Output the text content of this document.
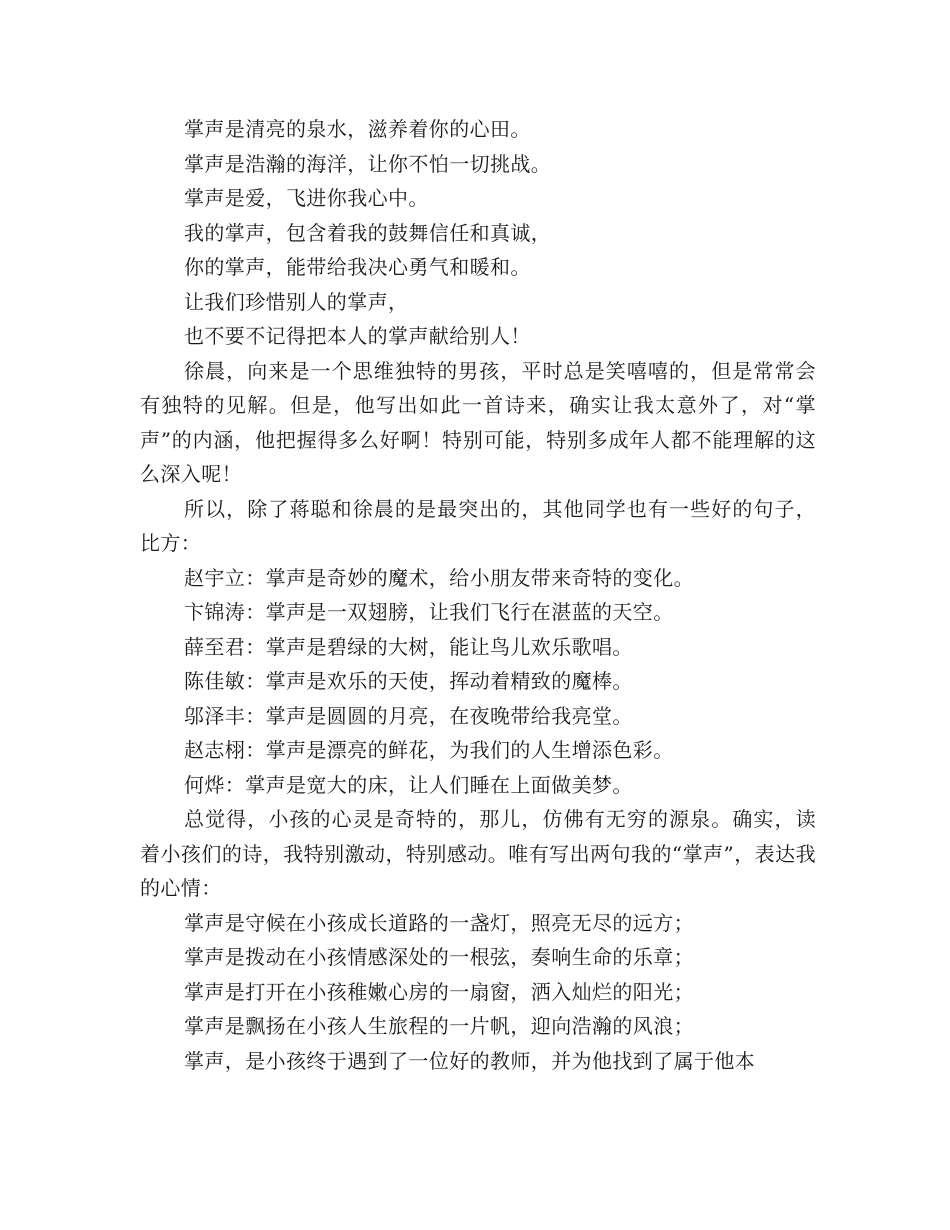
掌声是清亮的泉水，滋养着你的心田。

掌声是浩瀚的海洋，让你不怕一切挑战。

掌声是爱，飞进你我心中。

我的掌声，包含着我的鼓舞信任和真诚，

你的掌声，能带给我决心勇气和暖和。

让我们珍惜别人的掌声，

也不要不记得把本人的掌声献给别人！

徐晨，向来是一个思维独特的男孩，平时总是笑嘻嘻的，但是常常会有独特的见解。但是，他写出如此一首诗来，确实让我太意外了，对“掌声”的内涵，他把握得多么好啊！特别可能，特别多成年人都不能理解的这么深入呢！

所以，除了蒋聪和徐晨的是最突出的，其他同学也有一些好的句子，比方：

赵宇立：掌声是奇妙的魔术，给小朋友带来奇特的变化。

卞锦涛：掌声是一双翅膀，让我们飞行在湛蓝的天空。

薛至君：掌声是碧绿的大树，能让鸟儿欢乐歌唱。

陈佳敏：掌声是欢乐的天使，挥动着精致的魔棒。

邬泽丰：掌声是圆圆的月亮，在夜晚带给我亮堂。

赵志栩：掌声是漂亮的鲜花，为我们的人生增添色彩。

何烨：掌声是宽大的床，让人们睡在上面做美梦。

总觉得，小孩的心灵是奇特的，那儿，仿佛有无穷的源泉。确实，读着小孩们的诗，我特别激动，特别感动。唯有写出两句我的“掌声”，表达我的心情：

掌声是守候在小孩成长道路的一盏灯，照亮无尽的远方；

掌声是拨动在小孩情感深处的一根弦，奏响生命的乐章；

掌声是打开在小孩稚嫩心房的一扇窗，洒入灿烂的阳光；

掌声是飘扬在小孩人生旅程的一片帆，迎向浩瀚的风浪；

掌声，是小孩终于遇到了一位好的教师，并为他找到了属于他本
